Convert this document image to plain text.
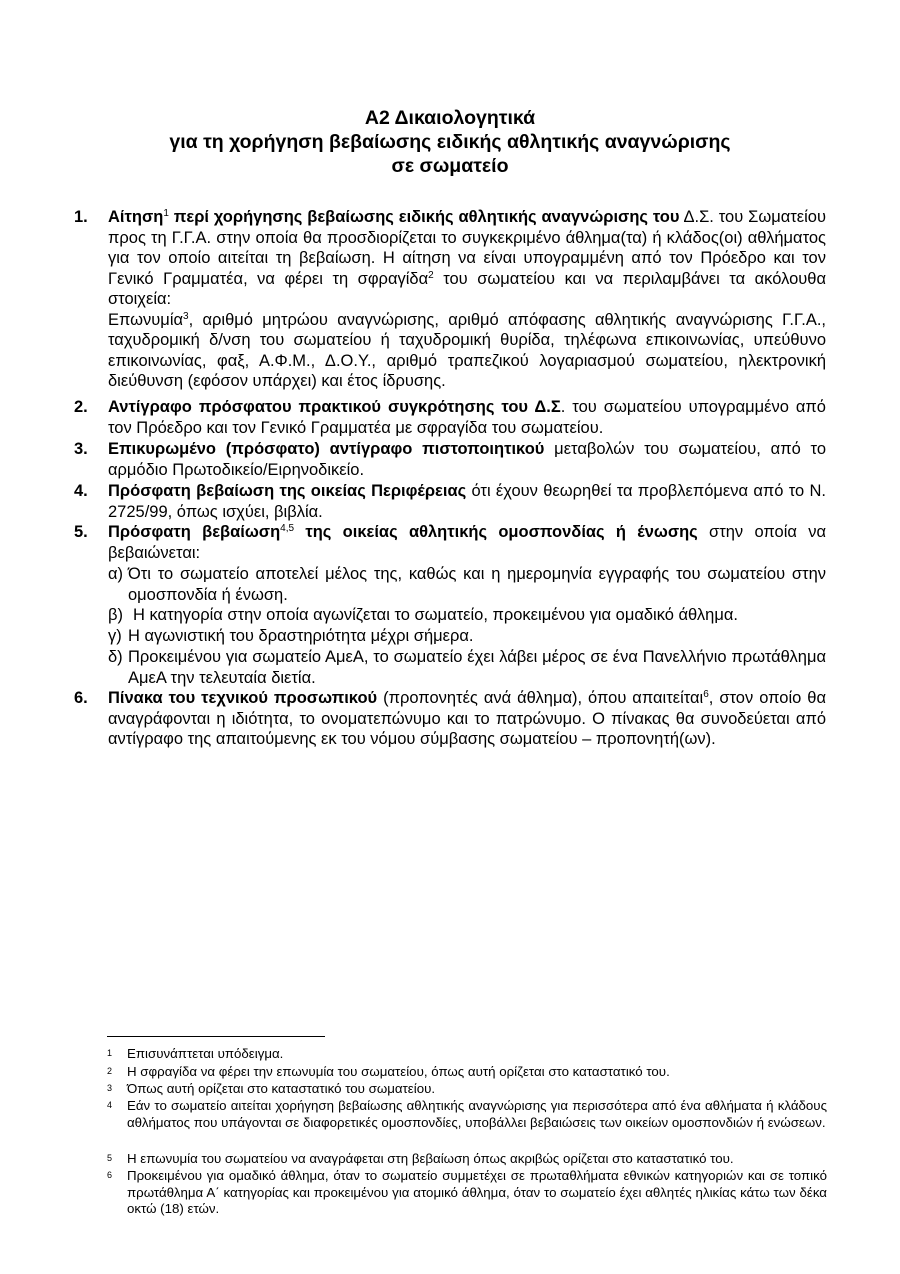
Α2 Δικαιολογητικά
για τη χορήγηση βεβαίωσης ειδικής αθλητικής αναγνώρισης
σε σωματείο
1. Αίτηση$^1$ περί χορήγησης βεβαίωσης ειδικής αθλητικής αναγνώρισης του Δ.Σ. του Σωματείου προς τη Γ.Γ.Α. στην οποία θα προσδιορίζεται το συγκεκριμένο άθλημα(τα) ή κλάδος(οι) αθλήματος για τον οποίο αιτείται τη βεβαίωση. Η αίτηση να είναι υπογραμμένη από τον Πρόεδρο και τον Γενικό Γραμματέα, να φέρει τη σφραγίδα$^2$ του σωματείου και να περιλαμβάνει τα ακόλουθα στοιχεία:

Επωνυμία$^3$, αριθμό μητρώου αναγνώρισης, αριθμό απόφασης αθλητικής αναγνώρισης Γ.Γ.Α., ταχυδρομική δ/νση του σωματείου ή ταχυδρομική θυρίδα, τηλέφωνα επικοινωνίας, υπεύθυνο επικοινωνίας, φαξ, Α.Φ.Μ., Δ.Ο.Υ., αριθμό τραπεζικού λογαριασμού σωματείου, ηλεκτρονική διεύθυνση (εφόσον υπάρχει) και έτος ίδρυσης.

2. Αντίγραφο πρόσφατου πρακτικού συγκρότησης του Δ.Σ. του σωματείου υπογραμμένο από τον Πρόεδρο και τον Γενικό Γραμματέα με σφραγίδα του σωματείου.

3. Επικυρωμένο (πρόσφατο) αντίγραφο πιστοποιητικού μεταβολών του σωματείου, από το αρμόδιο Πρωτοδικείο/Ειρηνοδικείο.

4. Πρόσφατη βεβαίωση της οικείας Περιφέρειας ότι έχουν θεωρηθεί τα προβλεπόμενα από το Ν. 2725/99, όπως ισχύει, βιβλία.

5. Πρόσφατη βεβαίωση$^{4,5}$ της οικείας αθλητικής ομοσπονδίας ή ένωσης στην οποία να βεβαιώνεται:

α) Ότι το σωματείο αποτελεί μέλος της, καθώς και η ημερομηνία εγγραφής του σωματείου στην ομοσπονδία ή ένωση.
β) Η κατηγορία στην οποία αγωνίζεται το σωματείο, προκειμένου για ομαδικό άθλημα.
γ) Η αγωνιστική του δραστηριότητα μέχρι σήμερα.
δ) Προκειμένου για σωματείο ΑμεΑ, το σωματείο έχει λάβει μέρος σε ένα Πανελλήνιο πρωτάθλημα ΑμεΑ την τελευταία διετία.
6. Πίνακα του τεχνικού προσωπικού (προπονητές ανά άθλημα), όπου απαιτείται$^6$, στον οποίο θα αναγράφονται η ιδιότητα, το ονοματεπώνυμο και το πατρώνυμο. Ο πίνακας θα συνοδεύεται από αντίγραφο της απαιτούμενης εκ του νόμου σύμβασης σωματείου – προπονητή(ων).

1 Επισυνάπτεται υπόδειγμα.
2 Η σφραγίδα να φέρει την επωνυμία του σωματείου, όπως αυτή ορίζεται στο καταστατικό του.
3 Όπως αυτή ορίζεται στο καταστατικό του σωματείου.
4 Εάν το σωματείο αιτείται χορήγηση βεβαίωσης αθλητικής αναγνώρισης για περισσότερα από ένα αθλήματα ή κλάδους αθλήματος που υπάγονται σε διαφορετικές ομοσπονδίες, υποβάλλει βεβαιώσεις των οικείων ομοσπονδιών ή ενώσεων.
5 Η επωνυμία του σωματείου να αναγράφεται στη βεβαίωση όπως ακριβώς ορίζεται στο καταστατικό του.
6 Προκειμένου για ομαδικό άθλημα, όταν το σωματείο συμμετέχει σε πρωταθλήματα εθνικών κατηγοριών και σε τοπικό πρωτάθλημα Α΄ κατηγορίας και προκειμένου για ατομικό άθλημα, όταν το σωματείο έχει αθλητές ηλικίας κάτω των δέκα οκτώ (18) ετών.
